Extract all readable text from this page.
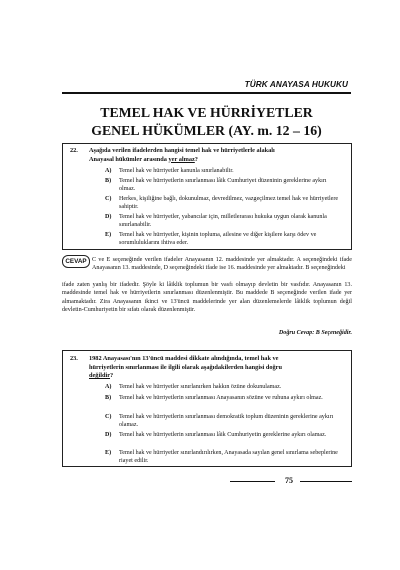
TÜRK ANAYASA HUKUKU
TEMEL HAK VE HÜRRİYETLER
GENEL HÜKÜMLER (AY. m. 12 – 16)
22. Aşağıda verilen ifadelerden hangisi temel hak ve hürriyetlerle alakalı
Anayasal hükümler arasında yer almaz?
A) Temel hak ve hürriyetler kanunla sınırlanabilir.
B) Temel hak ve hürriyetlerin sınırlanması lâik Cumhuriyet düzeninin gereklerine aykırı olmaz.
C) Herkes, kişiliğine bağlı, dokunulmaz, devredilmez, vazgeçilmez temel hak ve hürriyetlere sahiptir.
D) Temel hak ve hürriyetler, yabancılar için, milletlerarası hukuka uygun olarak kanunla sınırlanabilir.
E) Temel hak ve hürriyetler, kişinin topluma, ailesine ve diğer kişilere karşı ödev ve sorumluluklarını ihtiva eder.
CEVAP C ve E seçeneğinde verilen ifadeler Anayasanın 12. maddesinde yer almaktadır. A seçeneğindeki ifade Anayasanın 13. maddesinde, D seçeneğindeki ifade ise 16. maddesinde yer almaktadır. B seçeneğindeki
ifade zaten yanlış bir ifadedir. Şöyle ki lâiklik toplumun bir vasfı olmayıp devletin bir vasfıdır. Anayasanın 13. maddesinde temel hak ve hürriyetlerin sınırlanması düzenlenmiştir. Bu maddede B seçeneğinde verilen ifade yer almamaktadır. Zira Anayasanın ikinci ve 13'üncü maddelerinde yer alan düzenlemelerde lâiklik toplumun değil devletin-Cumhuriyetin bir sıfatı olarak düzenlenmiştir.
Doğru Cevap: B Seçeneğidir.
23. 1982 Anayasası'nın 13'üncü maddesi dikkate alındığında, temel hak ve
hürriyetlerin sınırlanması ile ilgili olarak aşağıdakilerden hangisi doğru
değildir?
A) Temel hak ve hürriyetler sınırlanırken hakkın özüne dokunulamaz.
B) Temel hak ve hürriyetlerin sınırlanması Anayasanın sözüne ve ruhuna aykırı olmaz.
C) Temel hak ve hürriyetlerin sınırlanması demokratik toplum düzeninin gereklerine aykırı olamaz.
D) Temel hak ve hürriyetlerin sınırlanması lâik Cumhuriyetin gereklerine aykırı olamaz.
E) Temel hak ve hürriyetler sınırlandırılırken, Anayasada sayılan genel sınırlama sebeplerine riayet edilir.
75
